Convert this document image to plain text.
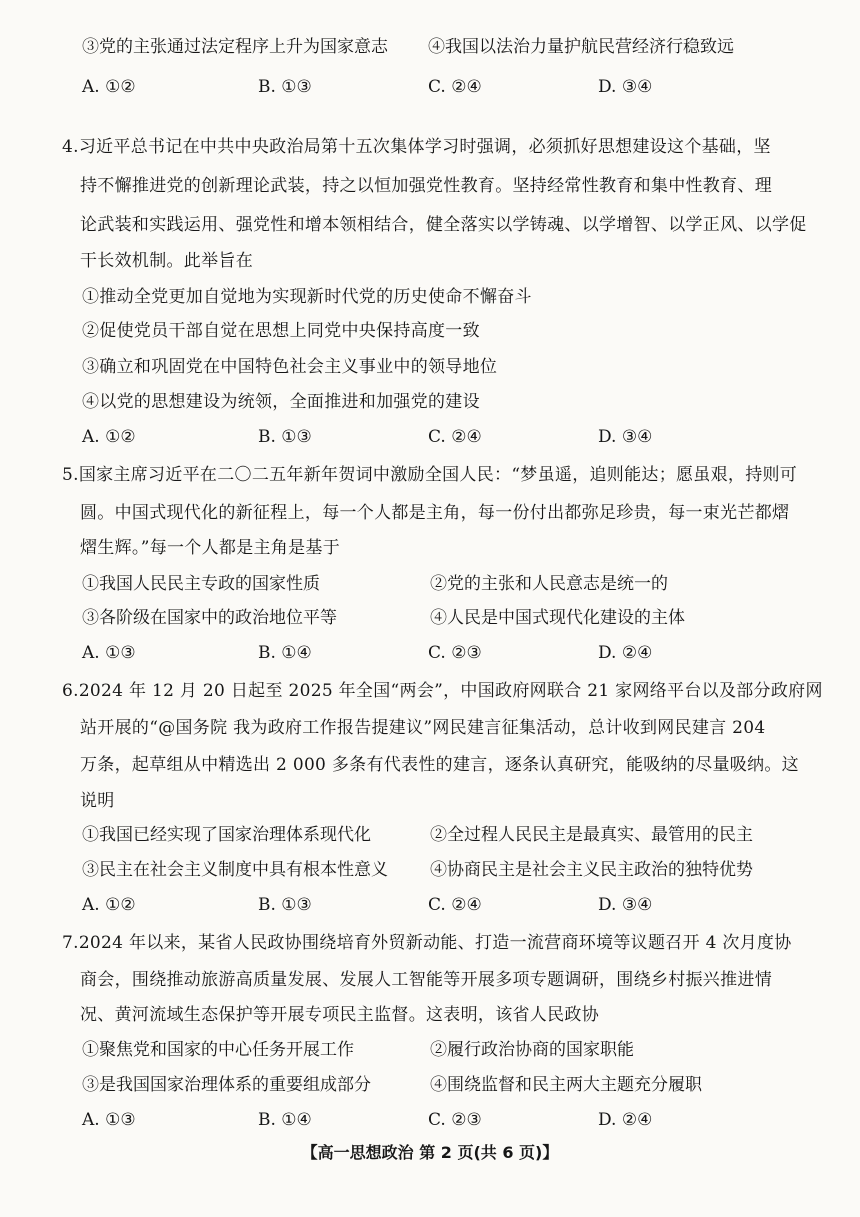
③党的主张通过法定程序上升为国家意志 ④我国以法治力量护航民营经济行稳致远
A. ①②	B. ①③	C. ②④	D. ③④
4.习近平总书记在中共中央政治局第十五次集体学习时强调，必须抓好思想建设这个基础，坚
持不懈推进党的创新理论武装，持之以恒加强党性教育。坚持经常性教育和集中性教育、理
论武装和实践运用、强党性和增本领相结合，健全落实以学铸魂、以学增智、以学正风、以学促
干长效机制。此举旨在
①推动全党更加自觉地为实现新时代党的历史使命不懈奋斗
②促使党员干部自觉在思想上同党中央保持高度一致
③确立和巩固党在中国特色社会主义事业中的领导地位
④以党的思想建设为统领，全面推进和加强党的建设
A. ①②	B. ①③	C. ②④	D. ③④
5.国家主席习近平在二〇二五年新年贺词中激励全国人民：“梦虽遥，追则能达；愿虽艰，持则可
圆。中国式现代化的新征程上，每一个人都是主角，每一份付出都弥足珍贵，每一束光芒都熠
熠生辉。”每一个人都是主角是基于
①我国人民民主专政的国家性质	②党的主张和人民意志是统一的
③各阶级在国家中的政治地位平等	④人民是中国式现代化建设的主体
A. ①③	B. ①④	C. ②③	D. ②④
6.2024 年 12 月 20 日起至 2025 年全国“两会”，中国政府网联合 21 家网络平台以及部分政府网
站开展的“@国务院 我为政府工作报告提建议”网民建言征集活动，总计收到网民建言 204
万条，起草组从中精选出 2 000 多条有代表性的建言，逐条认真研究，能吸纳的尽量吸纳。这
说明
①我国已经实现了国家治理体系现代化	②全过程人民民主是最真实、最管用的民主
③民主在社会主义制度中具有根本性意义 ④协商民主是社会主义民主政治的独特优势
A. ①②	B. ①③	C. ②④	D. ③④
7.2024 年以来，某省人民政协围绕培育外贸新动能、打造一流营商环境等议题召开 4 次月度协
商会，围绕推动旅游高质量发展、发展人工智能等开展多项专题调研，围绕乡村振兴推进情
况、黄河流域生态保护等开展专项民主监督。这表明，该省人民政协
①聚焦党和国家的中心任务开展工作	②履行政治协商的国家职能
③是我国国家治理体系的重要组成部分	④围绕监督和民主两大主题充分履职
A. ①③	B. ①④	C. ②③	D. ②④
【高一思想政治 第 2 页(共 6 页)】
